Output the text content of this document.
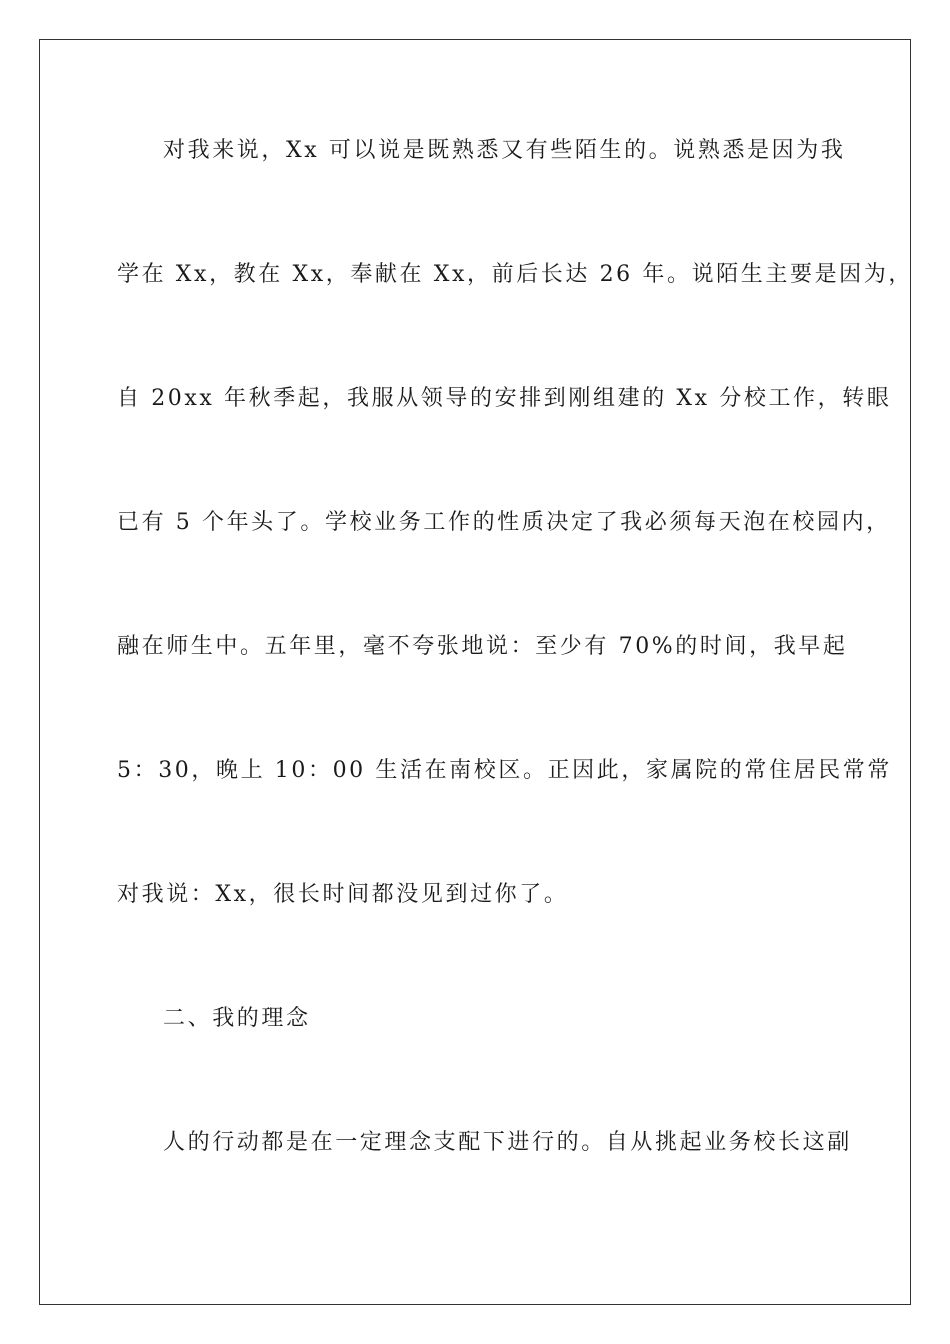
对我来说，Xx 可以说是既熟悉又有些陌生的。说熟悉是因为我
学在 Xx，教在 Xx，奉献在 Xx，前后长达 26 年。说陌生主要是因为，
自 20xx 年秋季起，我服从领导的安排到刚组建的 Xx 分校工作，转眼
已有 5 个年头了。学校业务工作的性质决定了我必须每天泡在校园内，
融在师生中。五年里，毫不夸张地说：至少有 70%的时间，我早起
5：30，晚上 10：00 生活在南校区。正因此，家属院的常住居民常常
对我说：Xx，很长时间都没见到过你了。
二、我的理念
人的行动都是在一定理念支配下进行的。自从挑起业务校长这副
